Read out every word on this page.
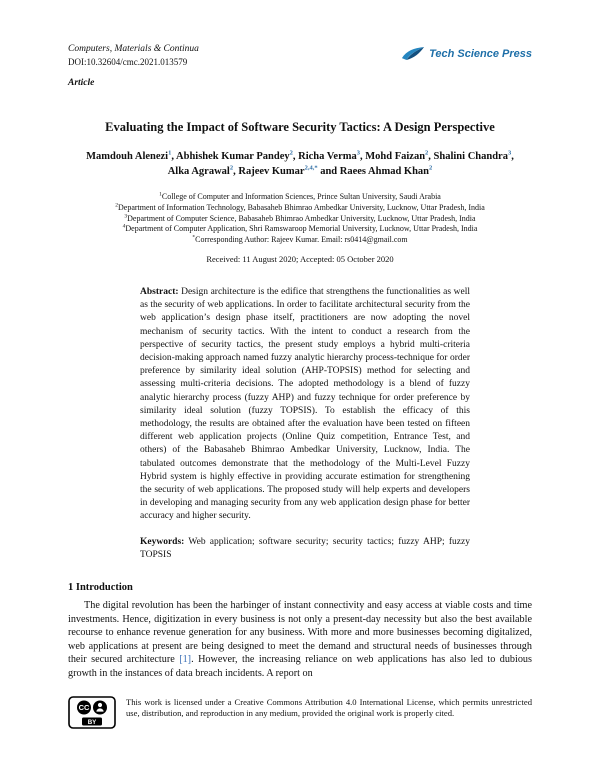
Computers, Materials & Continua
DOI:10.32604/cmc.2021.013579
Article
Tech Science Press
Evaluating the Impact of Software Security Tactics: A Design Perspective
Mamdouh Alenezi$^1$, Abhishek Kumar Pandey$^2$, Richa Verma$^3$, Mohd Faizan$^2$, Shalini Chandra$^3$,
Alka Agrawal$^2$, Rajeev Kumar$^{2,4,*}$ and Raees Ahmad Khan$^2$
$^1$College of Computer and Information Sciences, Prince Sultan University, Saudi Arabia
$^2$Department of Information Technology, Babasaheb Bhimrao Ambedkar University, Lucknow, Uttar Pradesh, India
$^3$Department of Computer Science, Babasaheb Bhimrao Ambedkar University, Lucknow, Uttar Pradesh, India
$^4$Department of Computer Application, Shri Ramswaroop Memorial University, Lucknow, Uttar Pradesh, India
*Corresponding Author: Rajeev Kumar. Email: rs0414@gmail.com
Received: 11 August 2020; Accepted: 05 October 2020

Abstract: Design architecture is the edifice that strengthens the functionalities as well as the security of web applications. In order to facilitate architectural security from the web application’s design phase itself, practitioners are now adopting the novel mechanism of security tactics. With the intent to conduct a research from the perspective of security tactics, the present study employs a hybrid multi-criteria decision-making approach named fuzzy analytic hierarchy process-technique for order preference by similarity ideal solution (AHP-TOPSIS) method for selecting and assessing multi-criteria decisions. The adopted methodology is a blend of fuzzy analytic hierarchy process (fuzzy AHP) and fuzzy technique for order preference by similarity ideal solution (fuzzy TOPSIS). To establish the efficacy of this methodology, the results are obtained after the evaluation have been tested on fifteen different web application projects (Online Quiz competition, Entrance Test, and others) of the Babasaheb Bhimrao Ambedkar University, Lucknow, India. The tabulated outcomes demonstrate that the methodology of the Multi-Level Fuzzy Hybrid system is highly effective in providing accurate estimation for strengthening the security of web applications. The proposed study will help experts and developers in developing and managing security from any web application design phase for better accuracy and higher security.

Keywords: Web application; software security; security tactics; fuzzy AHP; fuzzy TOPSIS

1 Introduction

The digital revolution has been the harbinger of instant connectivity and easy access at viable costs and time investments. Hence, digitization in every business is not only a present-day necessity but also the best available recourse to enhance revenue generation for any business. With more and more businesses becoming digitalized, web applications at present are being designed to meet the demand and structural needs of businesses through their secured architecture [1]. However, the increasing reliance on web applications has also led to dubious growth in the instances of data breach incidents. A report on

CC
BY

This work is licensed under a Creative Commons Attribution 4.0 International License, which permits unrestricted use, distribution, and reproduction in any medium, provided the original work is properly cited.
